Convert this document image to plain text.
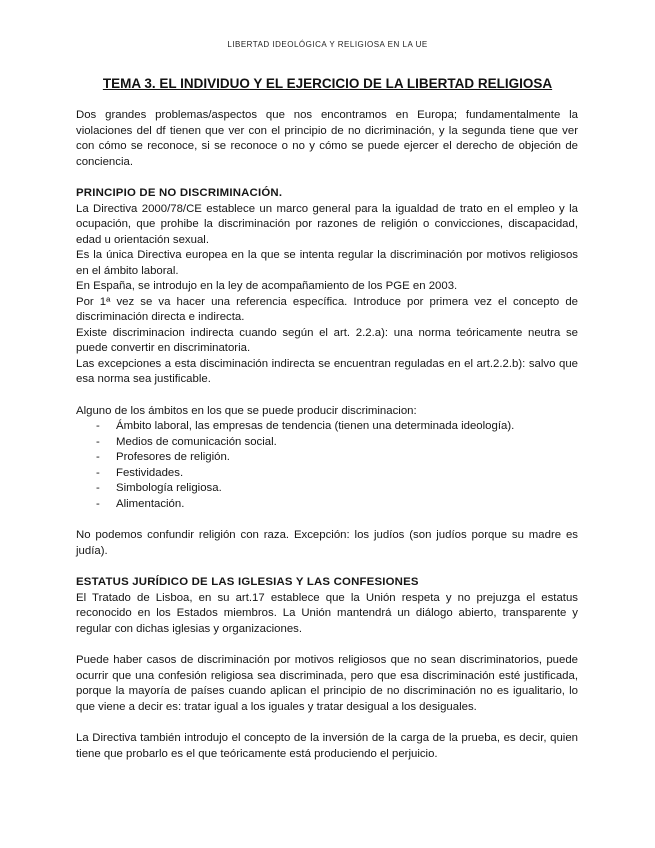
LIBERTAD IDEOLÓGICA Y RELIGIOSA EN LA UE
TEMA 3. EL INDIVIDUO Y EL EJERCICIO DE LA LIBERTAD RELIGIOSA

Dos grandes problemas/aspectos que nos encontramos en Europa; fundamentalmente la violaciones del df tienen que ver con el principio de no dicriminación, y la segunda tiene que ver con cómo se reconoce, si se reconoce o no y cómo se puede ejercer el derecho de objeción de conciencia.

PRINCIPIO DE NO DISCRIMINACIÓN.

La Directiva 2000/78/CE establece un marco general para la igualdad de trato en el empleo y la ocupación, que prohibe la discriminación por razones de religión o convicciones, discapacidad, edad u orientación sexual.

Es la única Directiva europea en la que se intenta regular la discriminación por motivos religiosos en el ámbito laboral.

En España, se introdujo en la ley de acompañamiento de los PGE en 2003.

Por 1ª vez se va hacer una referencia específica. Introduce por primera vez el concepto de discriminación directa e indirecta.

Existe discriminacion indirecta cuando según el art. 2.2.a): una norma teóricamente neutra se puede convertir en discriminatoria.

Las excepciones a esta disciminación indirecta se encuentran reguladas en el art.2.2.b): salvo que esa norma sea justificable.

Alguno de los ámbitos en los que se puede producir discriminacion:

- Ámbito laboral, las empresas de tendencia (tienen una determinada ideología).
- Medios de comunicación social.
- Profesores de religión.
- Festividades.
- Simbología religiosa.
- Alimentación.

No podemos confundir religión con raza. Excepción: los judíos (son judíos porque su madre es judía).

ESTATUS JURÍDICO DE LAS IGLESIAS Y LAS CONFESIONES

El Tratado de Lisboa, en su art.17 establece que la Unión respeta y no prejuzga el estatus reconocido en los Estados miembros. La Unión mantendrá un diálogo abierto, transparente y regular con dichas iglesias y organizaciones.

Puede haber casos de discriminación por motivos religiosos que no sean discriminatorios, puede ocurrir que una confesión religiosa sea discriminada, pero que esa discriminación esté justificada, porque la mayoría de países cuando aplican el principio de no discriminación no es igualitario, lo que viene a decir es: tratar igual a los iguales y tratar desigual a los desiguales.

La Directiva también introdujo el concepto de la inversión de la carga de la prueba, es decir, quien tiene que probarlo es el que teóricamente está produciendo el perjuicio.
